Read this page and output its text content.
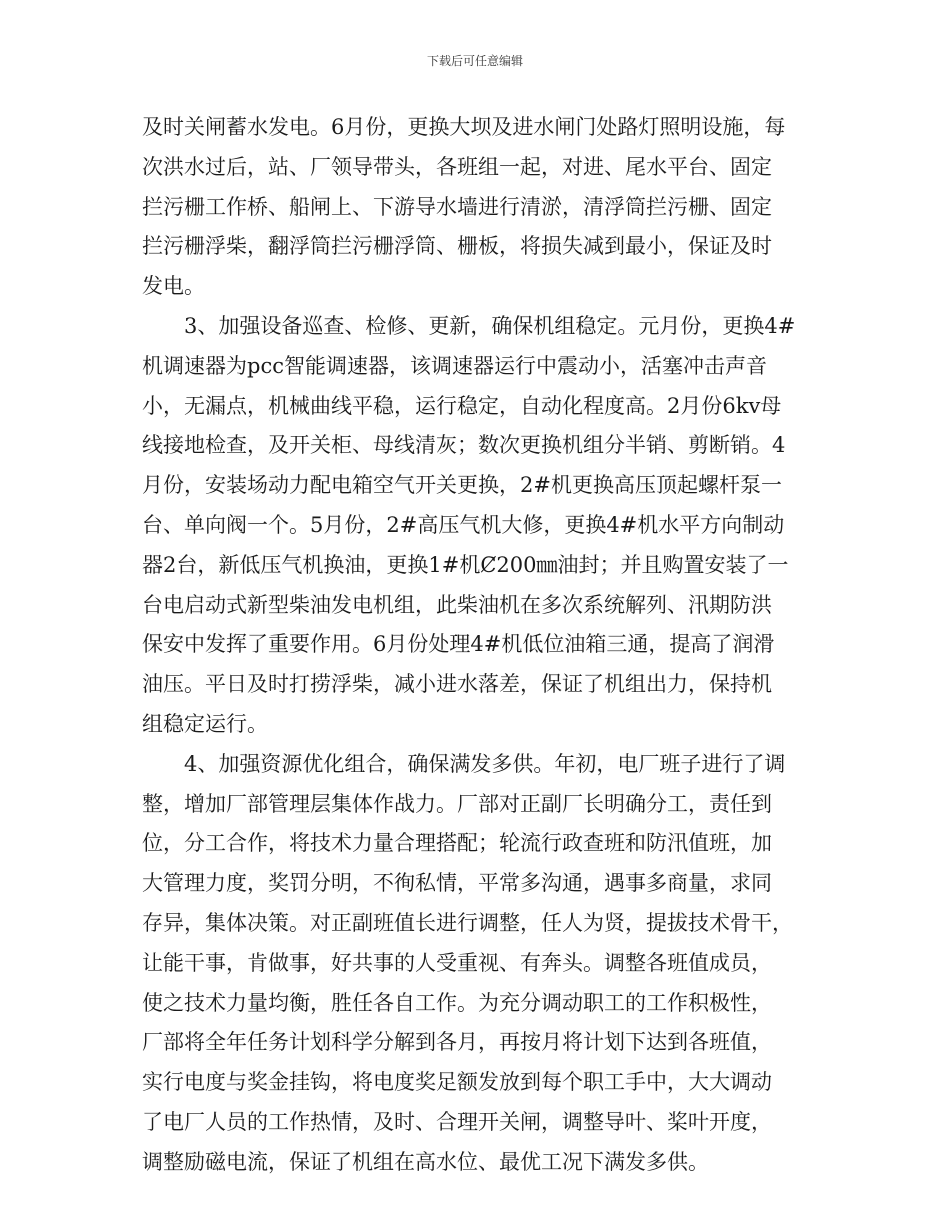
下载后可任意编辑
及时关闸蓄水发电。6月份，更换大坝及进水闸门处路灯照明设施，每
次洪水过后，站、厂领导带头，各班组一起，对进、尾水平台、固定
拦污栅工作桥、船闸上、下游导水墙进行清淤，清浮筒拦污栅、固定
拦污栅浮柴，翻浮筒拦污栅浮筒、栅板，将损失减到最小，保证及时
发电。
3、加强设备巡查、检修、更新，确保机组稳定。元月份，更换4#
机调速器为pcc智能调速器，该调速器运行中震动小，活塞冲击声音
小，无漏点，机械曲线平稳，运行稳定，自动化程度高。2月份6kv母
线接地检查，及开关柜、母线清灰；数次更换机组分半销、剪断销。4
月份，安装场动力配电箱空气开关更换，2#机更换高压顶起螺杆泵一
台、单向阀一个。5月份，2#高压气机大修，更换4#机水平方向制动
器2台，新低压气机换油，更换1#机Ȼ200㎜油封；并且购置安装了一
台电启动式新型柴油发电机组，此柴油机在多次系统解列、汛期防洪
保安中发挥了重要作用。6月份处理4#机低位油箱三通，提高了润滑
油压。平日及时打捞浮柴，减小进水落差，保证了机组出力，保持机
组稳定运行。
4、加强资源优化组合，确保满发多供。年初，电厂班子进行了调
整，增加厂部管理层集体作战力。厂部对正副厂长明确分工，责任到
位，分工合作，将技术力量合理搭配；轮流行政查班和防汛值班，加
大管理力度，奖罚分明，不徇私情，平常多沟通，遇事多商量，求同
存异，集体决策。对正副班值长进行调整，任人为贤，提拔技术骨干，
让能干事，肯做事，好共事的人受重视、有奔头。调整各班值成员，
使之技术力量均衡，胜任各自工作。为充分调动职工的工作积极性，
厂部将全年任务计划科学分解到各月，再按月将计划下达到各班值，
实行电度与奖金挂钩，将电度奖足额发放到每个职工手中，大大调动
了电厂人员的工作热情，及时、合理开关闸，调整导叶、桨叶开度，
调整励磁电流，保证了机组在高水位、最优工况下满发多供。
